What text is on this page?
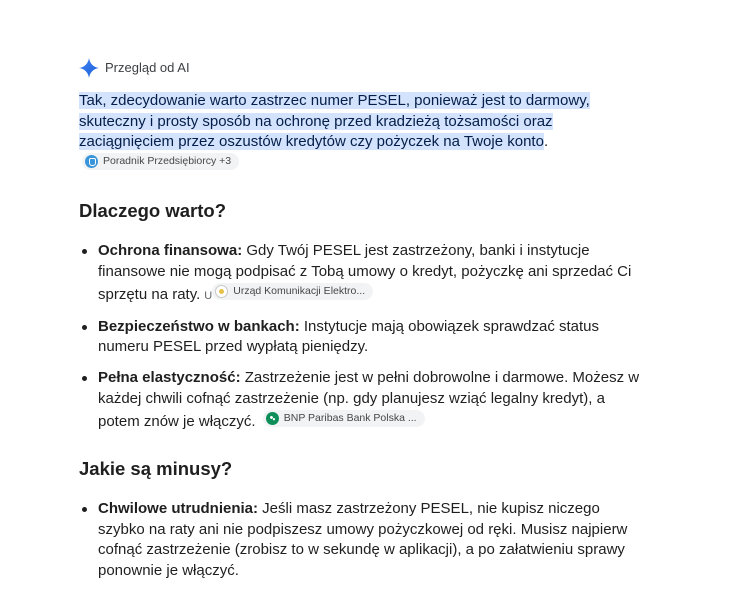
Przegląd od AI
Tak, zdecydowanie warto zastrzec numer PESEL, ponieważ jest to darmowy, skuteczny i prosty sposób na ochronę przed kradzieżą tożsamości oraz zaciągnięciem przez oszustów kredytów czy pożyczek na Twoje konto.
Poradnik Przedsiębiorcy +3
Dlaczego warto?
Ochrona finansowa: Gdy Twój PESEL jest zastrzeżony, banki i instytucje finansowe nie mogą podpisać z Tobą umowy o kredyt, pożyczkę ani sprzedać Ci sprzętu na raty. U Urząd Komunikacji Elektro...
Bezpieczeństwo w bankach: Instytucje mają obowiązek sprawdzać status numeru PESEL przed wypłatą pieniędzy.
Pełna elastyczność: Zastrzeżenie jest w pełni dobrowolne i darmowe. Możesz w każdej chwili cofnąć zastrzeżenie (np. gdy planujesz wziąć legalny kredyt), a potem znów je włączyć.	BNP Paribas Bank Polska ...
Jakie są minusy?
Chwilowe utrudnienia: Jeśli masz zastrzeżony PESEL, nie kupisz niczego szybko na raty ani nie podpiszesz umowy pożyczkowej od ręki. Musisz najpierw cofnąć zastrzeżenie (zrobisz to w sekundę w aplikacji), a po załatwieniu sprawy ponownie je włączyć.
